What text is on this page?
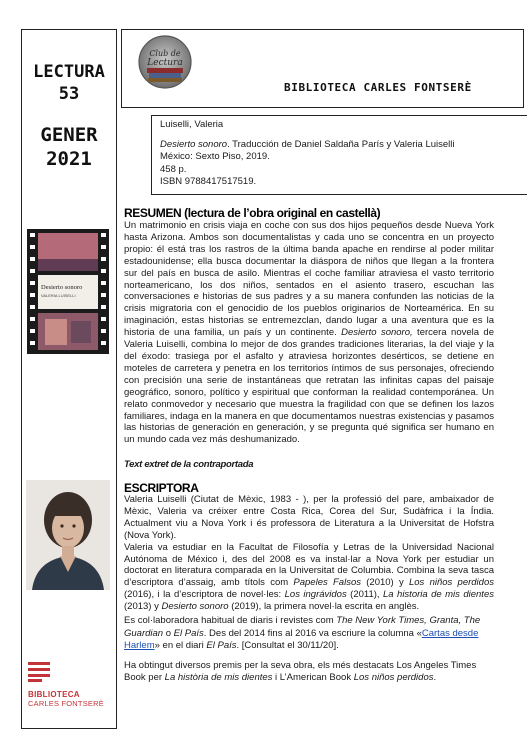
LECTURA
53
GENER
2021
Club de
Lectura
BIBLIOTECA CARLES FONTSERÈ
Luiselli, Valeria
Desierto sonoro. Traducción de Daniel Saldaña París y Valeria Luiselli
México: Sexto Piso, 2019.
458 p.
ISBN 9788417517519.
RESUMEN (lectura de l’obra original en castellà)
Un matrimonio en crisis viaja en coche con sus dos hijos pequeños desde Nueva York hasta Arizona. Ambos son documentalistas y cada uno se concentra en un proyecto propio: él está tras los rastros de la última banda apache en rendirse al poder militar estadounidense; ella busca documentar la diáspora de niños que llegan a la frontera sur del país en busca de asilo. Mientras el coche familiar atraviesa el vasto territorio norteamericano, los dos niños, sentados en el asiento trasero, escuchan las conversaciones e historias de sus padres y a su manera confunden las noticias de la crisis migratoria con el genocidio de los pueblos originarios de Norteamérica. En su imaginación, estas historias se entremezclan, dando lugar a una aventura que es la historia de una familia, un país y un continente. Desierto sonoro, tercera novela de Valeria Luiselli, combina lo mejor de dos grandes tradiciones literarias, la del viaje y la del éxodo: trasiega por el asfalto y atraviesa horizontes desérticos, se detiene en moteles de carretera y penetra en los territorios íntimos de sus personajes, ofreciendo con precisión una serie de instantáneas que retratan las infinitas capas del paisaje geográfico, sonoro, político y espiritual que conforman la realidad contemporánea. Un relato conmovedor y necesario que muestra la fragilidad con que se definen los lazos familiares, indaga en la manera en que documentamos nuestras existencias y pasamos las historias de generación en generación, y se pregunta qué significa ser humano en un mundo cada vez más deshumanizado.
Text extret de la contraportada
Desierto sonoro
VALERIA LUISELLI
ESCRIPTORA

Valeria Luiselli (Ciutat de Mèxic, 1983 - ), per la professió del pare, ambaixador de Mèxic, Valeria va créixer entre Costa Rica, Corea del Sur, Sudàfrica i la Índia. Actualment viu a Nova York i és professora de Literatura a la Universitat de Hofstra (Nova York).

Valeria va estudiar en la Facultat de Filosofía y Letras de la Universidad Nacional Autónoma de México i, des del 2008 es va instal·lar a Nova York per estudiar un doctorat en literatura comparada en la Universitat de Columbia. Combina la seva tasca d’escriptora d’assaig, amb títols com Papeles Falsos (2010) y Los niños perdidos (2016), i la d’escriptora de novel·les: Los ingrávidos (2011), La historia de mis dientes (2013) y Desierto sonoro (2019), la primera novel·la escrita en anglès.

Es col·laboradora habitual de diaris i revistes com The New York Times, Granta, The Guardian o El País. Des del 2014 fins al 2016 va escriure la columna «Cartas desde Harlem» en el diari El País. [Consultat el 30/11/20].

Ha obtingut diversos premis per la seva obra, els més destacats Los Angeles Times Book per La història de mis dientes i L’American Book Los niños perdidos.

BIBLIOTECA
CARLES FONTSERÈ
